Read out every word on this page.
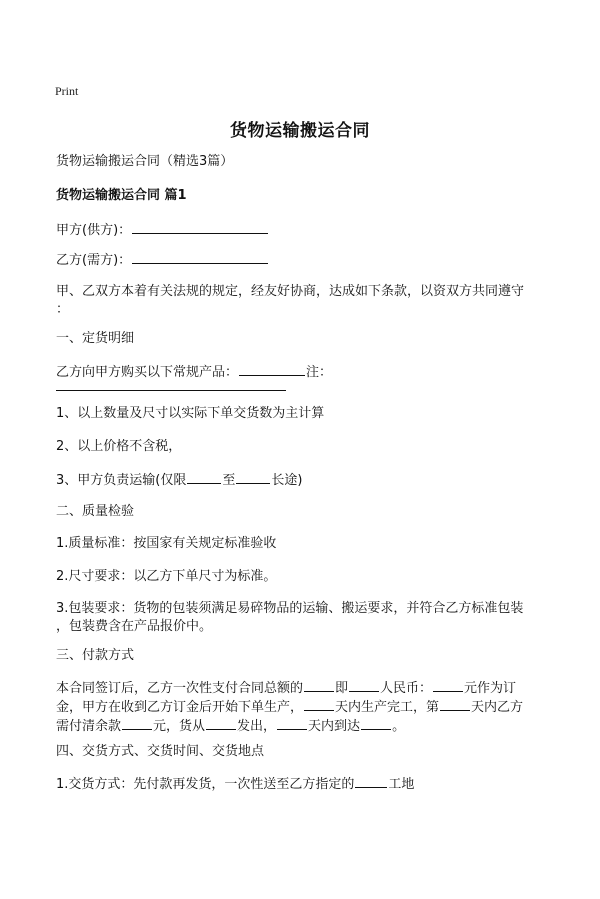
Print
货物运输搬运合同
货物运输搬运合同（精选3篇）
货物运输搬运合同 篇1
甲方(供方)：
乙方(需方)：
甲、乙双方本着有关法规的规定，经友好协商，达成如下条款，以资双方共同遵守
：
一、定货明细
乙方向甲方购买以下常规产品：	注：
1、以上数量及尺寸以实际下单交货数为主计算
2、以上价格不含税，
3、甲方负责运输(仅限	至	长途)
二、质量检验
1.质量标准：按国家有关规定标准验收
2.尺寸要求：以乙方下单尺寸为标准。
3.包装要求：货物的包装须满足易碎物品的运输、搬运要求，并符合乙方标准包装
，包装费含在产品报价中。
三、付款方式
本合同签订后，乙方一次性支付合同总额的 即 人民币： 元作为订
金，甲方在收到乙方订金后开始下单生产， 天内生产完工，第 天内乙方
需付清余款 元，货从 发出， 天内到达 。
四、交货方式、交货时间、交货地点
1.交货方式：先付款再发货，一次性送至乙方指定的	工地
